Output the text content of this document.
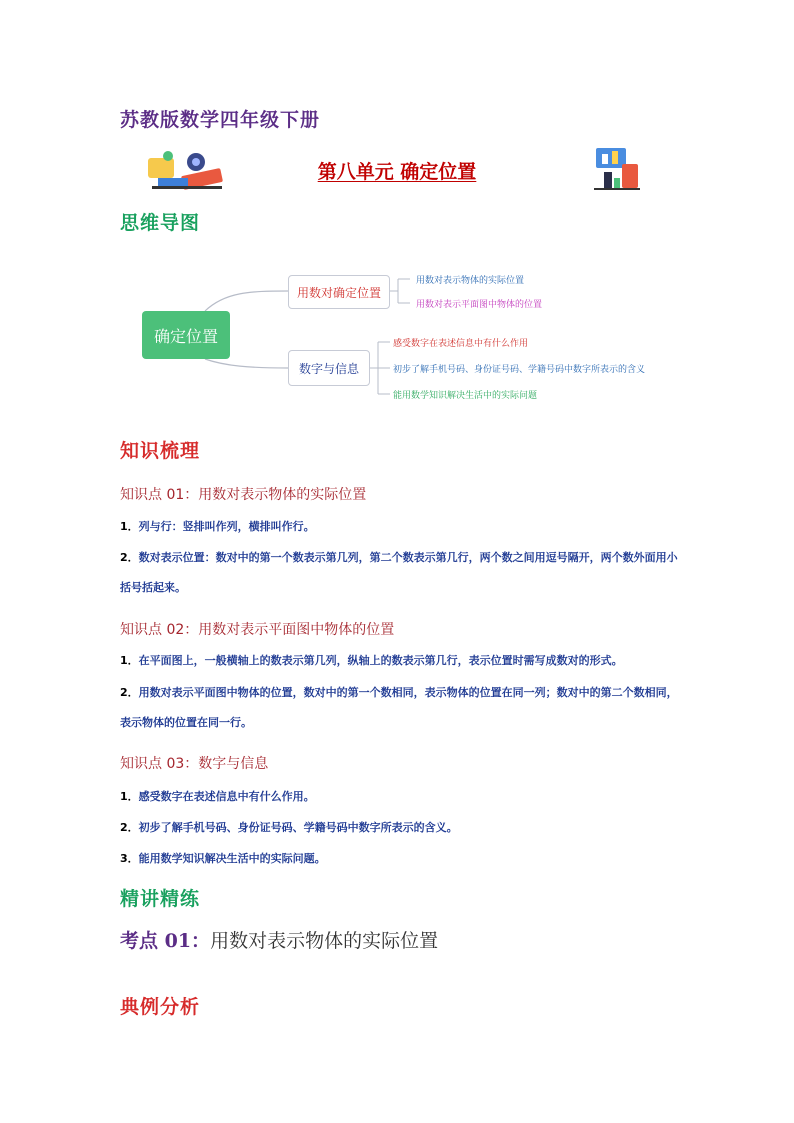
苏教版数学四年级下册
第八单元 确定位置
思维导图
确定位置
用数对确定位置
数字与信息
用数对表示物体的实际位置
用数对表示平面图中物体的位置
感受数字在表述信息中有什么作用
初步了解手机号码、身份证号码、学籍号码中数字所表示的含义
能用数学知识解决生活中的实际问题
知识梳理
知识点 01：用数对表示物体的实际位置
1．列与行：竖排叫作列，横排叫作行。
2．数对表示位置：数对中的第一个数表示第几列，第二个数表示第几行，两个数之间用逗号隔开，两个数外面用小括号括起来。
知识点 02：用数对表示平面图中物体的位置
1．在平面图上，一般横轴上的数表示第几列，纵轴上的数表示第几行，表示位置时需写成数对的形式。
2．用数对表示平面图中物体的位置，数对中的第一个数相同，表示物体的位置在同一列；数对中的第二个数相同，表示物体的位置在同一行。
知识点 03：数字与信息
1．感受数字在表述信息中有什么作用。
2．初步了解手机号码、身份证号码、学籍号码中数字所表示的含义。
3．能用数学知识解决生活中的实际问题。
精讲精练
考点 01：用数对表示物体的实际位置
典例分析
